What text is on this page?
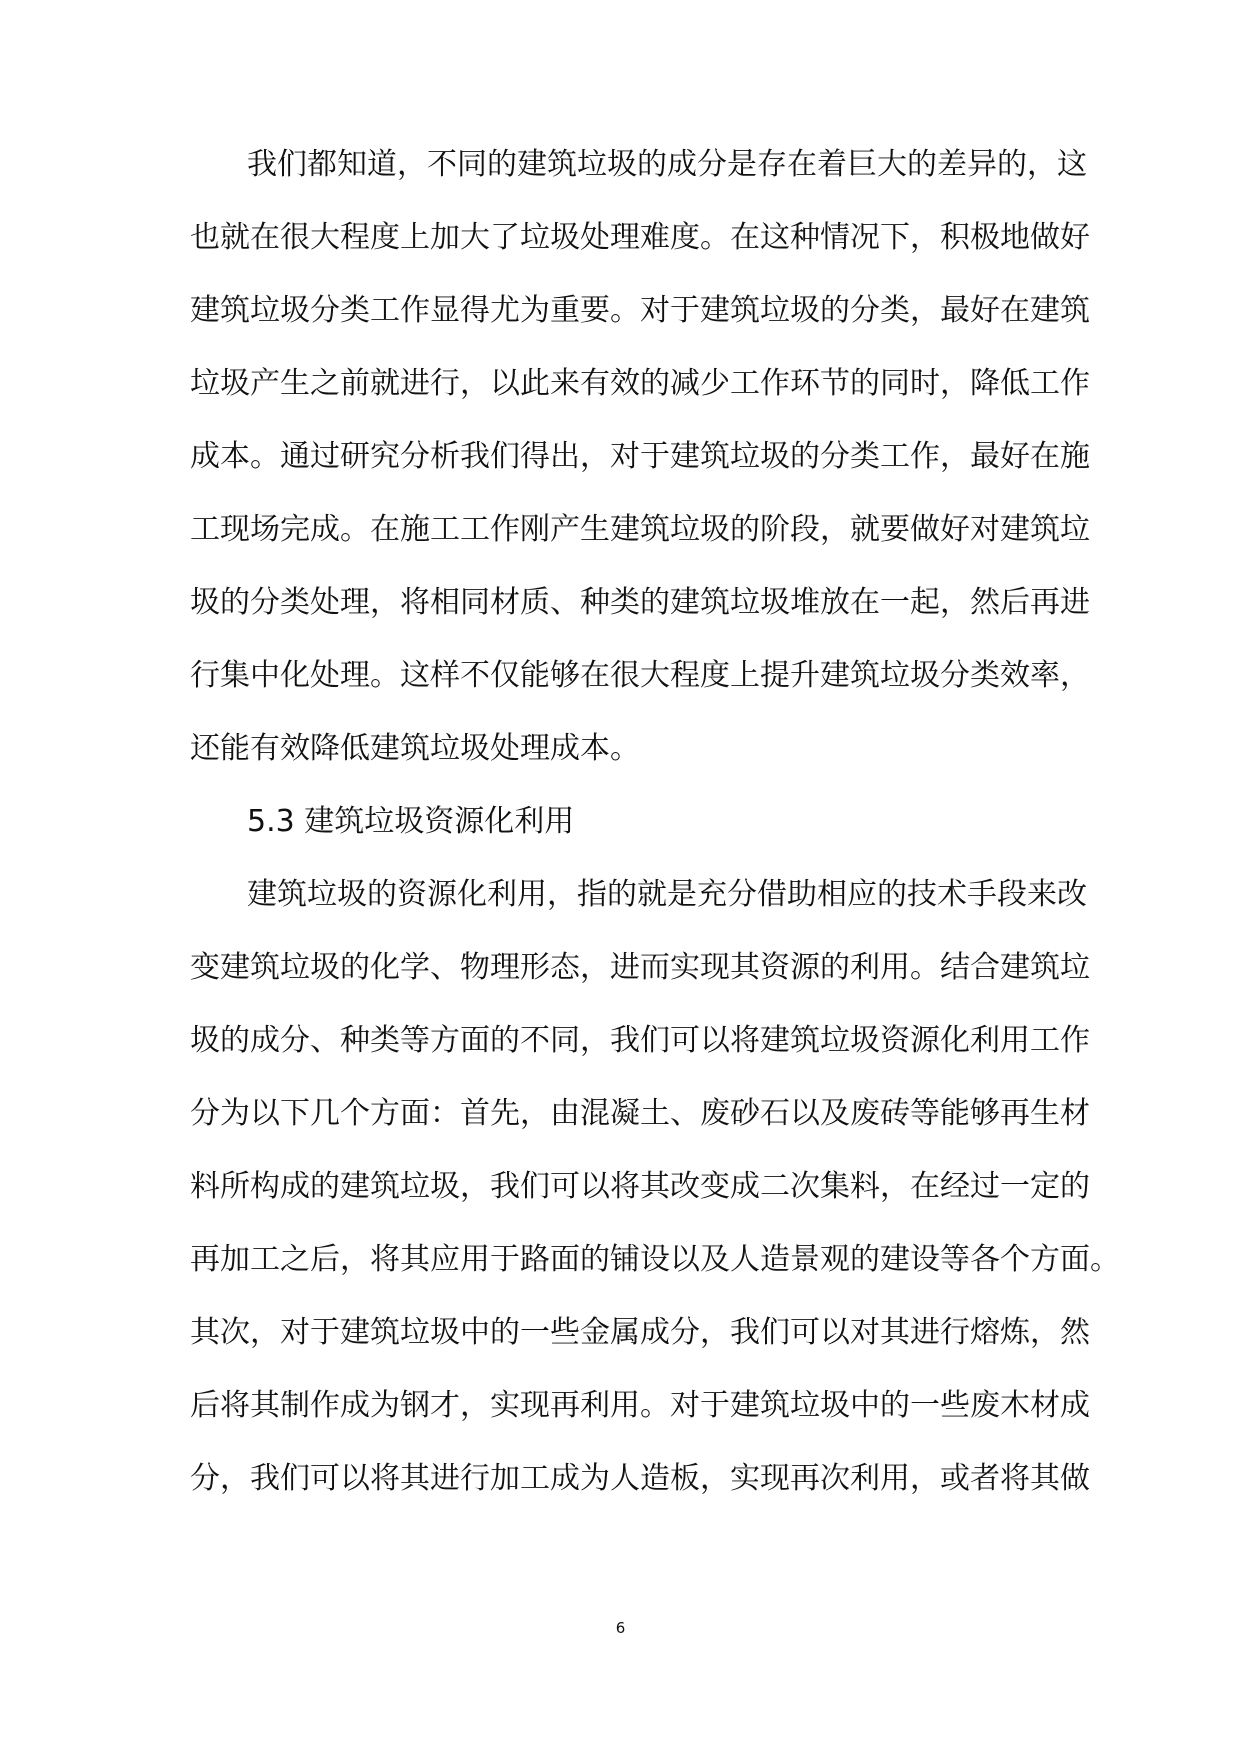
我们都知道，不同的建筑垃圾的成分是存在着巨大的差异的，这
也就在很大程度上加大了垃圾处理难度。在这种情况下，积极地做好
建筑垃圾分类工作显得尤为重要。对于建筑垃圾的分类，最好在建筑
垃圾产生之前就进行，以此来有效的减少工作环节的同时，降低工作
成本。通过研究分析我们得出，对于建筑垃圾的分类工作，最好在施
工现场完成。在施工工作刚产生建筑垃圾的阶段，就要做好对建筑垃
圾的分类处理，将相同材质、种类的建筑垃圾堆放在一起，然后再进
行集中化处理。这样不仅能够在很大程度上提升建筑垃圾分类效率，
还能有效降低建筑垃圾处理成本。
5.3 建筑垃圾资源化利用
建筑垃圾的资源化利用，指的就是充分借助相应的技术手段来改
变建筑垃圾的化学、物理形态，进而实现其资源的利用。结合建筑垃
圾的成分、种类等方面的不同，我们可以将建筑垃圾资源化利用工作
分为以下几个方面：首先，由混凝土、废砂石以及废砖等能够再生材
料所构成的建筑垃圾，我们可以将其改变成二次集料，在经过一定的
再加工之后，将其应用于路面的铺设以及人造景观的建设等各个方面。
其次，对于建筑垃圾中的一些金属成分，我们可以对其进行熔炼，然
后将其制作成为钢才，实现再利用。对于建筑垃圾中的一些废木材成
分，我们可以将其进行加工成为人造板，实现再次利用，或者将其做
6
